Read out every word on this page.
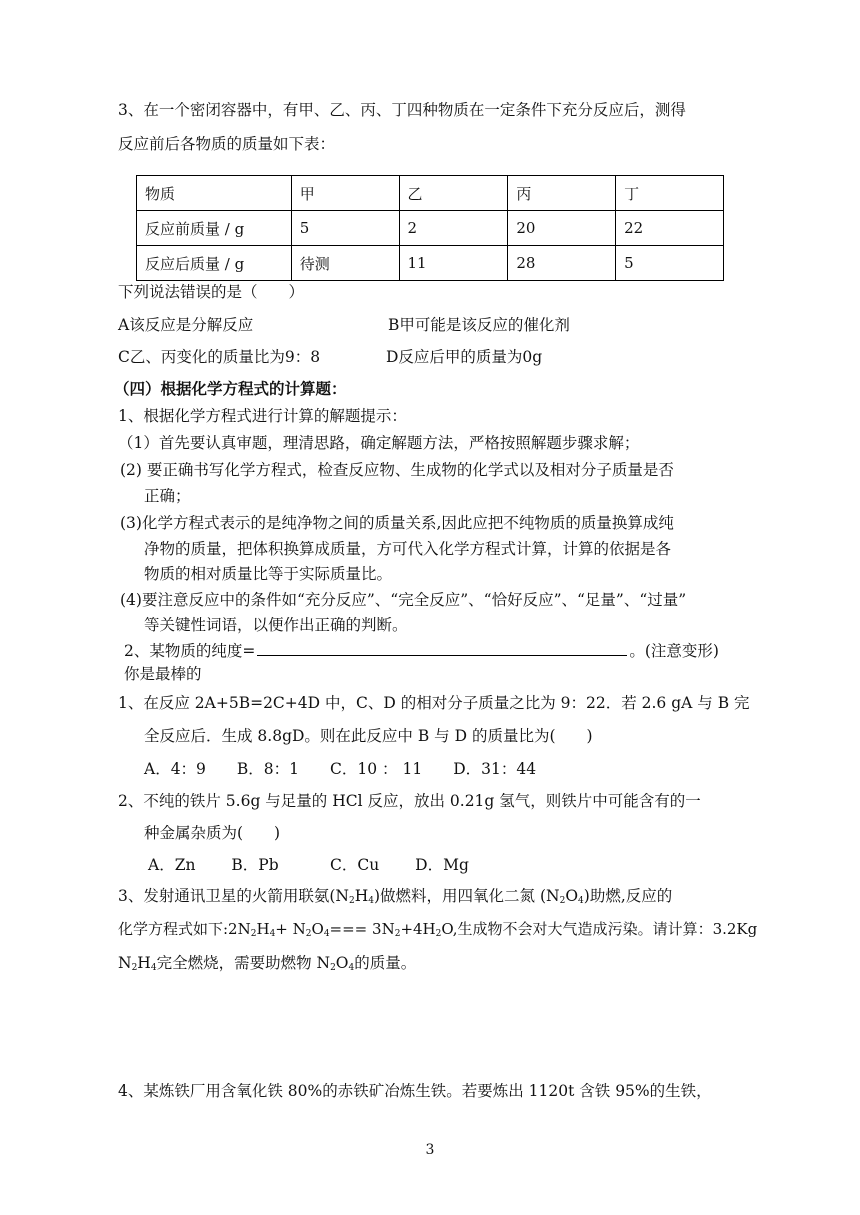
3、在一个密闭容器中，有甲、乙、丙、丁四种物质在一定条件下充分反应后，测得
反应前后各物质的质量如下表：
物质	甲	乙	丙	丁
反应前质量 / g	5	2	20	22
反应后质量 / g	待测	11	28	5
下列说法错误的是（　　）
A该反应是分解反应	B甲可能是该反应的催化剂
C乙、丙变化的质量比为9：8	D反应后甲的质量为0g
（四）根据化学方程式的计算题：
1、根据化学方程式进行计算的解题提示：
（1）首先要认真审题，理清思路，确定解题方法，严格按照解题步骤求解；
(2) 要正确书写化学方程式，检查反应物、生成物的化学式以及相对分子质量是否
正确；
(3)化学方程式表示的是纯净物之间的质量关系,因此应把不纯物质的质量换算成纯
净物的质量，把体积换算成质量，方可代入化学方程式计算，计算的依据是各
物质的相对质量比等于实际质量比。
(4)要注意反应中的条件如“充分反应”、“完全反应”、“恰好反应”、“足量”、“过量”
等关键性词语，以便作出正确的判断。
2、某物质的纯度=	。(注意变形)
你是最棒的
1、在反应 2A+5B=2C+4D 中，C、D 的相对分子质量之比为 9：22．若 2.6 gA 与 B 完
全反应后．生成 8.8gD。则在此反应中 B 与 D 的质量比为(　　)
A．4：9　　B．8：1　　C．10 ： 11　　D．31：44
2、不纯的铁片 5.6g 与足量的 HCl 反应，放出 0.21g 氢气，则铁片中可能含有的一
种金属杂质为(　　)
A．Zn　　 B．Pb　　　 C．Cu　　 D．Mg
3、发射通讯卫星的火箭用联氨$(N_2H_4)$做燃料，用四氧化二氮 $(N_2O_4)$助燃,反应的
化学方程式如下$:2N_2H_4+ N_2O_4=== 3N_2+4H_2O$,生成物不会对大气造成污染。请计算：3.2Kg
$N_2H_4$完全燃烧，需要助燃物 $N_2O_4$的质量。
4、某炼铁厂用含氧化铁 80%的赤铁矿冶炼生铁。若要炼出 1120t 含铁 95%的生铁，
3
